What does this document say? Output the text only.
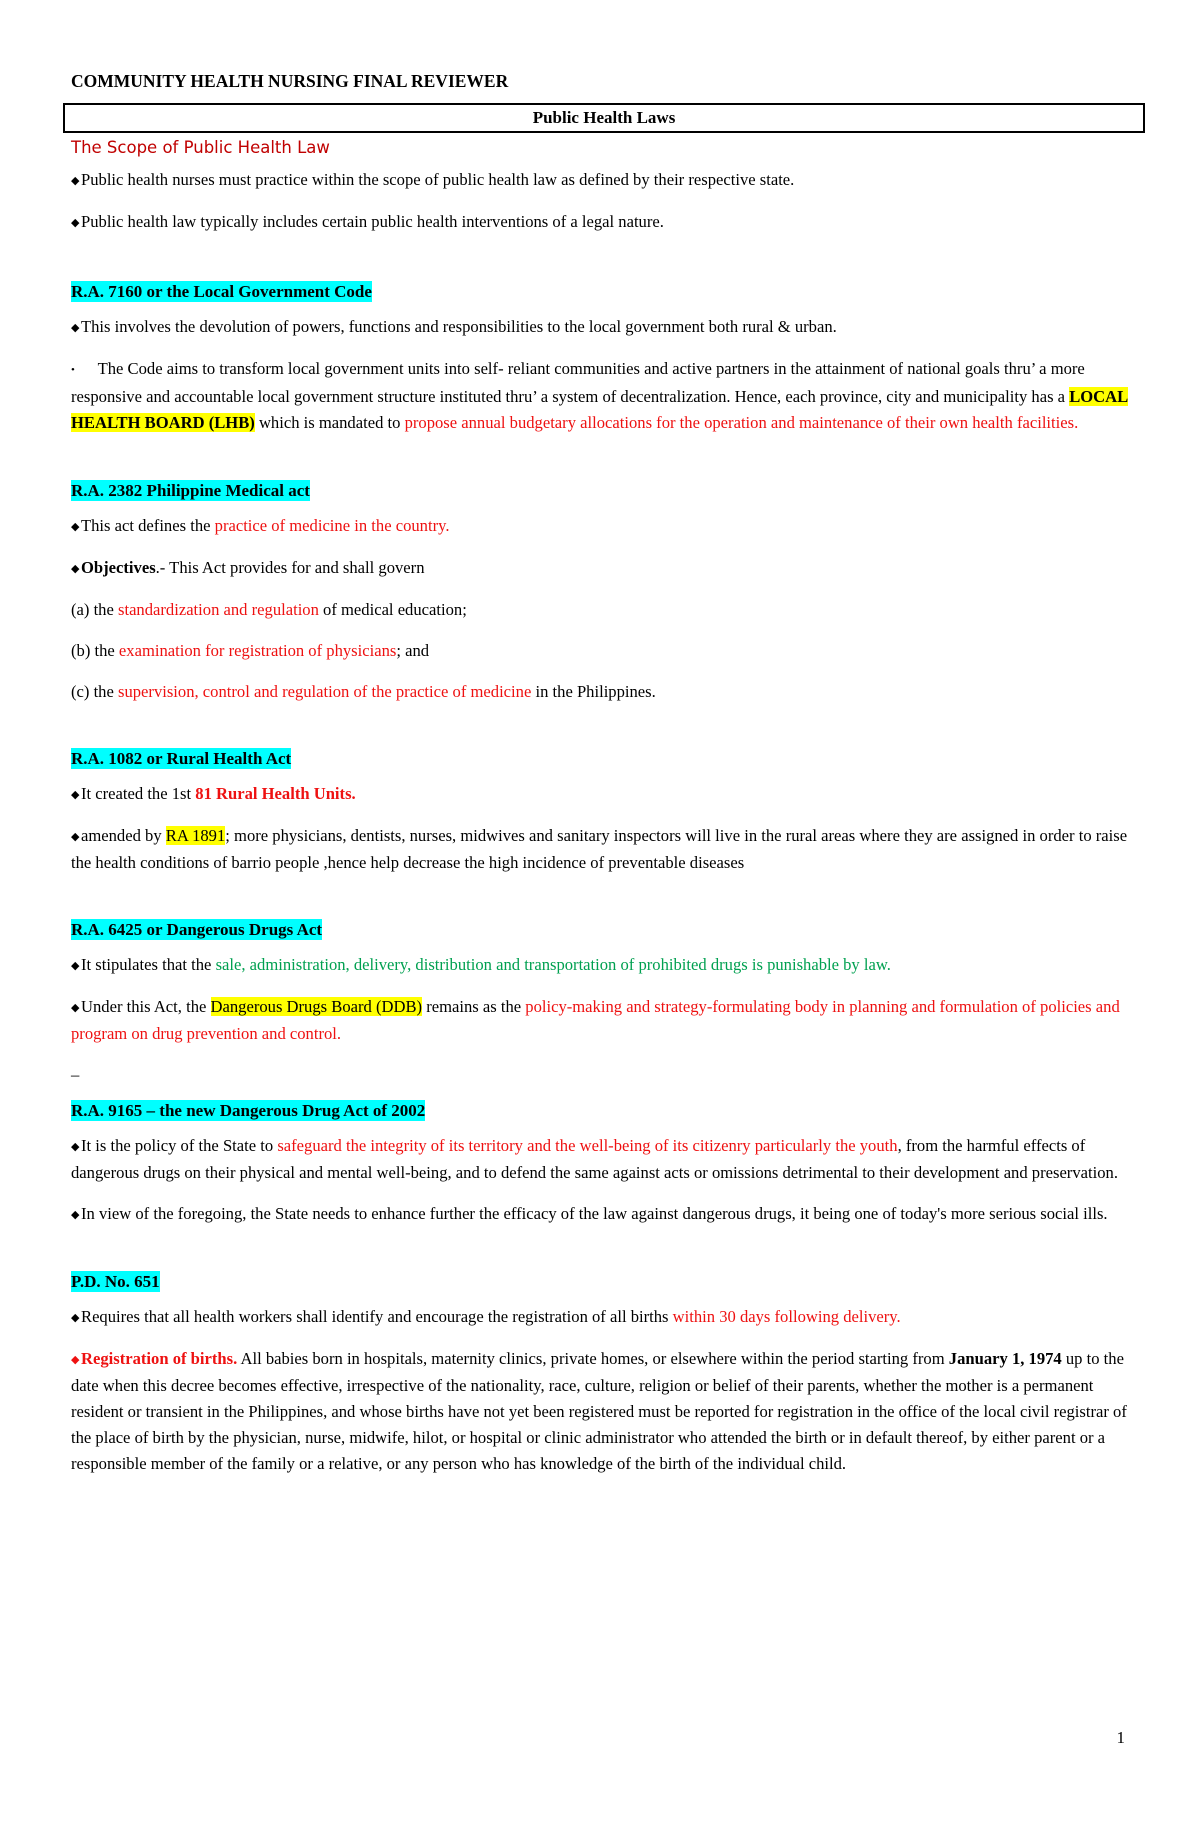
COMMUNITY HEALTH NURSING FINAL REVIEWER
Public Health Laws
The Scope of Public Health Law

◆Public health nurses must practice within the scope of public health law as defined by their respective state.

◆Public health law typically includes certain public health interventions of a legal nature.

R.A. 7160 or the Local Government Code

◆This involves the devolution of powers, functions and responsibilities to the local government both rural & urban.

• The Code aims to transform local government units into self- reliant communities and active partners in the attainment of national goals thru’ a more responsive and accountable local government structure instituted thru’ a system of decentralization. Hence, each province, city and municipality has a LOCAL HEALTH BOARD (LHB) which is mandated to propose annual budgetary allocations for the operation and maintenance of their own health facilities.

R.A. 2382 Philippine Medical act

◆This act defines the practice of medicine in the country.

◆Objectives.- This Act provides for and shall govern

(a) the standardization and regulation of medical education;

(b) the examination for registration of physicians; and

(c) the supervision, control and regulation of the practice of medicine in the Philippines.

R.A. 1082 or Rural Health Act

◆It created the 1st 81 Rural Health Units.

◆amended by RA 1891; more physicians, dentists, nurses, midwives and sanitary inspectors will live in the rural areas where they are assigned in order to raise the health conditions of barrio people ,hence help decrease the high incidence of preventable diseases

R.A. 6425 or Dangerous Drugs Act

◆It stipulates that the sale, administration, delivery, distribution and transportation of prohibited drugs is punishable by law.

◆Under this Act, the Dangerous Drugs Board (DDB) remains as the policy-making and strategy-formulating body in planning and formulation of policies and program on drug prevention and control.

–
R.A. 9165 – the new Dangerous Drug Act of 2002

◆It is the policy of the State to safeguard the integrity of its territory and the well-being of its citizenry particularly the youth, from the harmful effects of dangerous drugs on their physical and mental well-being, and to defend the same against acts or omissions detrimental to their development and preservation.

◆In view of the foregoing, the State needs to enhance further the efficacy of the law against dangerous drugs, it being one of today's more serious social ills.

P.D. No. 651

◆Requires that all health workers shall identify and encourage the registration of all births within 30 days following delivery.

◆Registration of births. All babies born in hospitals, maternity clinics, private homes, or elsewhere within the period starting from January 1, 1974 up to the date when this decree becomes effective, irrespective of the nationality, race, culture, religion or belief of their parents, whether the mother is a permanent resident or transient in the Philippines, and whose births have not yet been registered must be reported for registration in the office of the local civil registrar of the place of birth by the physician, nurse, midwife, hilot, or hospital or clinic administrator who attended the birth or in default thereof, by either parent or a responsible member of the family or a relative, or any person who has knowledge of the birth of the individual child.

1
